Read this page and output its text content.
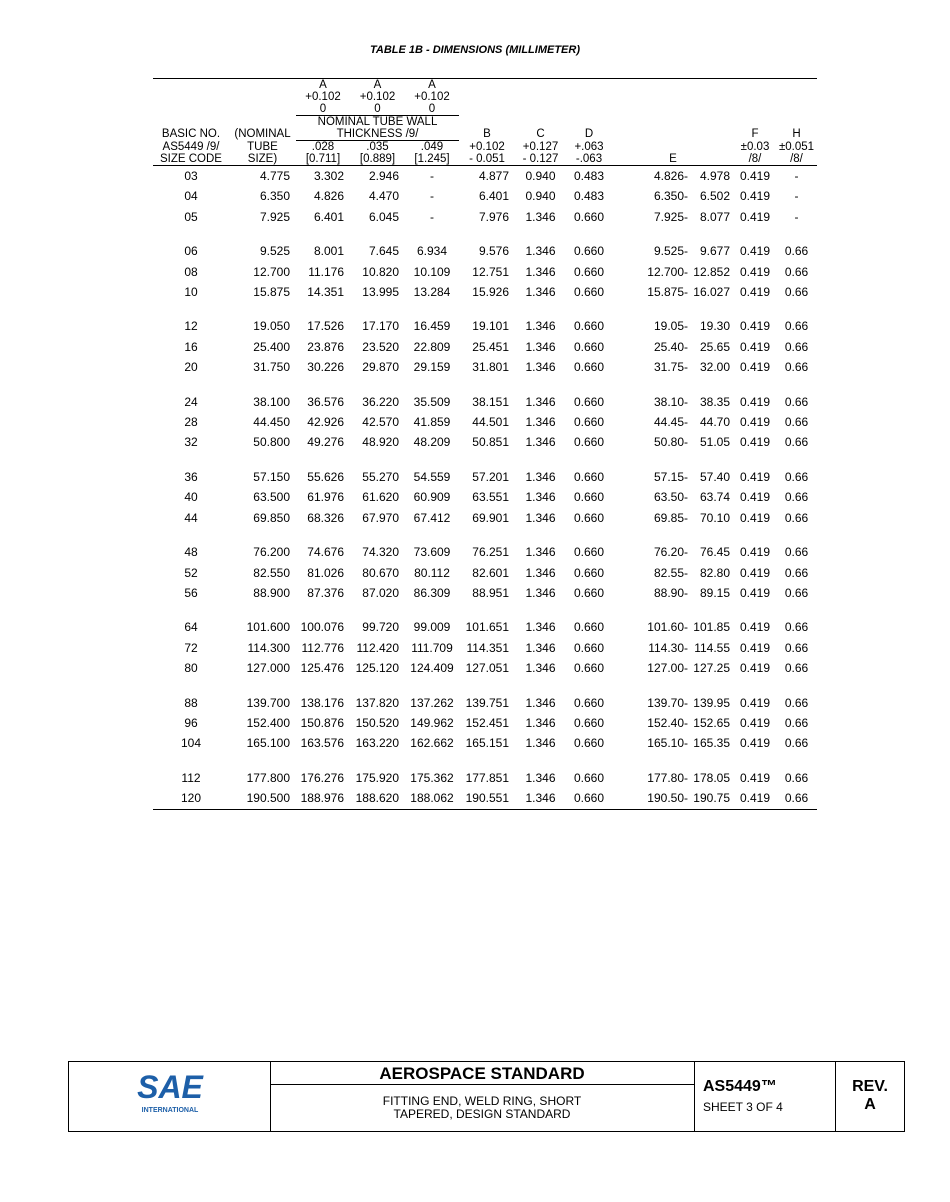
TABLE 1B - DIMENSIONS (MILLIMETER)
		A	A	A							
		+0.102	+0.102	+0.102							
		0	0	0							
		NOMINAL TUBE WALL									
BASIC NO.	(NOMINAL	THICKNESS /9/			B	C	D			F	H
AS5449 /9/	TUBE	.028	.035	.049	+0.102	+0.127	+.063			±0.03	±0.051
SIZE CODE	SIZE)	[0.711]	[0.889]	[1.245]	- 0.051	- 0.127	-.063	E		/8/	/8/
03	4.775	3.302	2.946	-	4.877	0.940	0.483	4.826-	4.978	0.419	-
04	6.350	4.826	4.470	-	6.401	0.940	0.483	6.350-	6.502	0.419	-
05	7.925	6.401	6.045	-	7.976	1.346	0.660	7.925-	8.077	0.419	-

06	9.525	8.001	7.645	6.934	9.576	1.346	0.660	9.525-	9.677	0.419	0.66
08	12.700	11.176	10.820	10.109	12.751	1.346	0.660	12.700-	12.852	0.419	0.66
10	15.875	14.351	13.995	13.284	15.926	1.346	0.660	15.875-	16.027	0.419	0.66

12	19.050	17.526	17.170	16.459	19.101	1.346	0.660	19.05-	19.30	0.419	0.66
16	25.400	23.876	23.520	22.809	25.451	1.346	0.660	25.40-	25.65	0.419	0.66
20	31.750	30.226	29.870	29.159	31.801	1.346	0.660	31.75-	32.00	0.419	0.66

24	38.100	36.576	36.220	35.509	38.151	1.346	0.660	38.10-	38.35	0.419	0.66
28	44.450	42.926	42.570	41.859	44.501	1.346	0.660	44.45-	44.70	0.419	0.66
32	50.800	49.276	48.920	48.209	50.851	1.346	0.660	50.80-	51.05	0.419	0.66

36	57.150	55.626	55.270	54.559	57.201	1.346	0.660	57.15-	57.40	0.419	0.66
40	63.500	61.976	61.620	60.909	63.551	1.346	0.660	63.50-	63.74	0.419	0.66
44	69.850	68.326	67.970	67.412	69.901	1.346	0.660	69.85-	70.10	0.419	0.66

48	76.200	74.676	74.320	73.609	76.251	1.346	0.660	76.20-	76.45	0.419	0.66
52	82.550	81.026	80.670	80.112	82.601	1.346	0.660	82.55-	82.80	0.419	0.66
56	88.900	87.376	87.020	86.309	88.951	1.346	0.660	88.90-	89.15	0.419	0.66

64	101.600	100.076	99.720	99.009	101.651	1.346	0.660	101.60-	101.85	0.419	0.66
72	114.300	112.776	112.420	111.709	114.351	1.346	0.660	114.30-	114.55	0.419	0.66
80	127.000	125.476	125.120	124.409	127.051	1.346	0.660	127.00-	127.25	0.419	0.66

88	139.700	138.176	137.820	137.262	139.751	1.346	0.660	139.70-	139.95	0.419	0.66
96	152.400	150.876	150.520	149.962	152.451	1.346	0.660	152.40-	152.65	0.419	0.66
104	165.100	163.576	163.220	162.662	165.151	1.346	0.660	165.10-	165.35	0.419	0.66

112	177.800	176.276	175.920	175.362	177.851	1.346	0.660	177.80-	178.05	0.419	0.66
120	190.500	188.976	188.620	188.062	190.551	1.346	0.660	190.50-	190.75	0.419	0.66
SAE
INTERNATIONAL
AEROSPACE STANDARD
FITTING END, WELD RING, SHORT
TAPERED, DESIGN STANDARD
AS5449™
SHEET 3 OF 4
REV.
A
